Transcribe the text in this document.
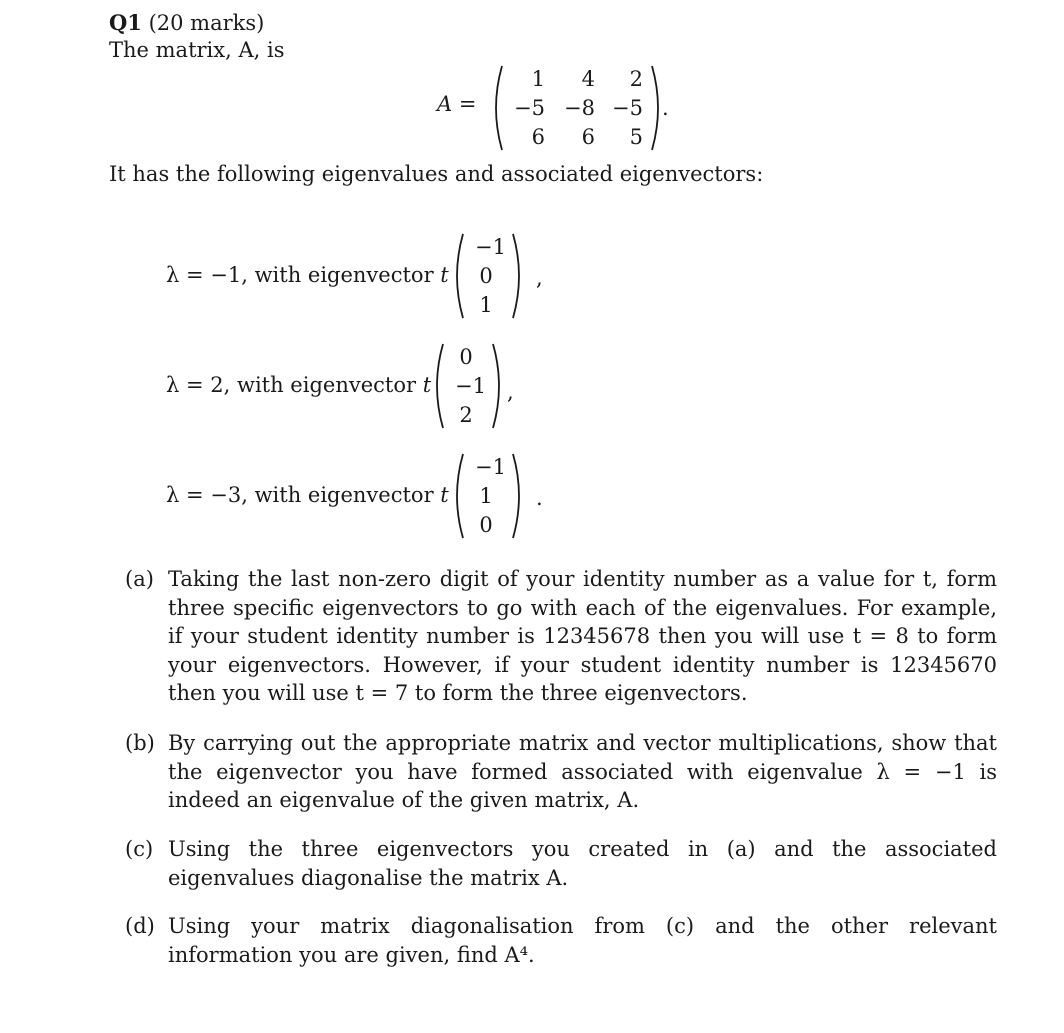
Q1 (20 marks)
The matrix, A, is
A =
1	4	2
−5 −8 −5
6	6	5
.
It has the following eigenvalues and associated eigenvectors:
λ = −1, with eigenvector t
−1
0
1
,
λ = 2, with eigenvector t
0
−1
2
,
λ = −3, with eigenvector t
−1
1
0
.
(a) Taking the last non-zero digit of your identity number as a value for t, form three specific eigenvectors to go with each of the eigenvalues. For example, if your student identity number is 12345678 then you will use t = 8 to form your eigenvectors. However, if your student identity number is 12345670 then you will use t = 7 to form the three eigenvectors.
(b) By carrying out the appropriate matrix and vector multiplications, show that the eigenvector you have formed associated with eigenvalue λ = −1 is indeed an eigenvalue of the given matrix, A.
(c) Using the three eigenvectors you created in (a) and the associated eigenvalues diagonalise the matrix A.
(d) Using your matrix diagonalisation from (c) and the other relevant information you are given, find A⁴.
